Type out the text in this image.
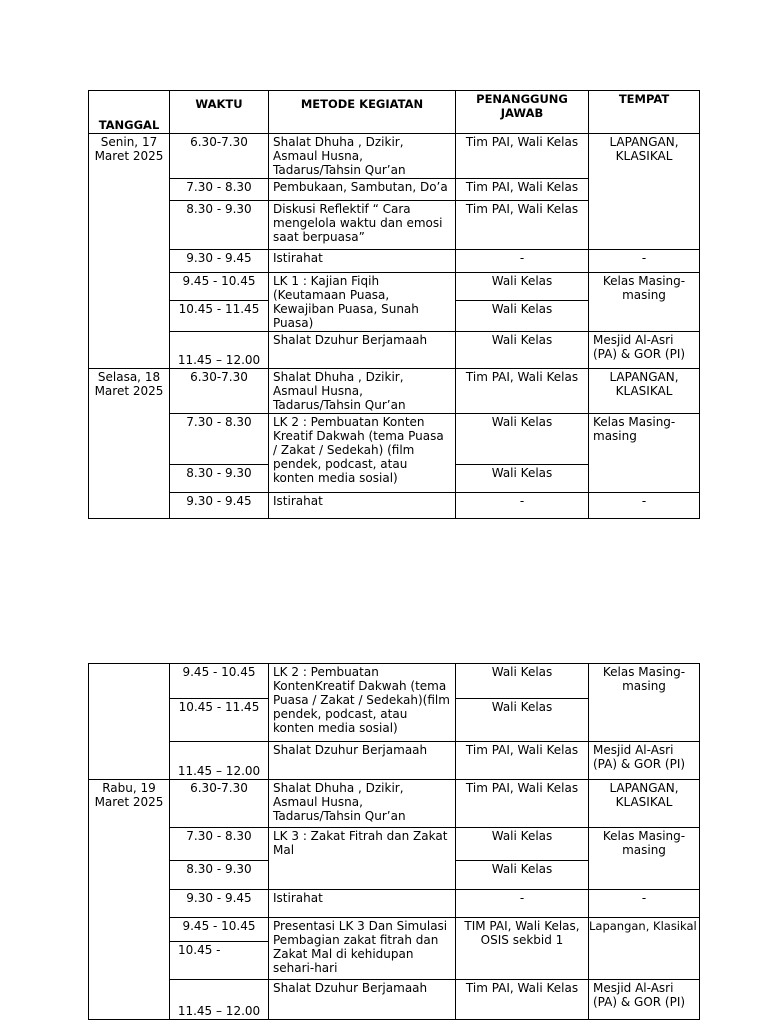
TANGGAL	WAKTU	METODE KEGIATAN	PENANGGUNG JAWAB	TEMPAT
Senin, 17 Maret 2025	6.30-7.30	Shalat Dhuha , Dzikir, Asmaul Husna, Tadarus/Tahsin Qur’an	Tim PAI, Wali Kelas	LAPANGAN, KLASIKAL
	7.30 - 8.30	Pembukaan, Sambutan, Do’a	Tim PAI, Wali Kelas	
	8.30 - 9.30	Diskusi Reflektif “ Cara mengelola waktu dan emosi saat berpuasa”	Tim PAI, Wali Kelas	
	9.30 - 9.45	Istirahat	-	-
	9.45 - 10.45	LK 1 : Kajian Fiqih (Keutamaan Puasa, Kewajiban Puasa, Sunah Puasa)	Wali Kelas	Kelas Masing-masing
	10.45 - 11.45		Wali Kelas	
	11.45 – 12.00	Shalat Dzuhur Berjamaah	Wali Kelas	Mesjid Al-Asri (PA) & GOR (PI)
Selasa, 18 Maret 2025	6.30-7.30	Shalat Dhuha , Dzikir, Asmaul Husna, Tadarus/Tahsin Qur’an	Tim PAI, Wali Kelas	LAPANGAN, KLASIKAL
	7.30 - 8.30	LK 2 : Pembuatan Konten Kreatif Dakwah (tema Puasa / Zakat / Sedekah) (film pendek, podcast, atau konten media sosial)	Wali Kelas	Kelas Masing-masing
	8.30 - 9.30		Wali Kelas	
	9.30 - 9.45	Istirahat	-	-
	9.45 - 10.45	LK 2 : Pembuatan KontenKreatif Dakwah (tema Puasa / Zakat / Sedekah)(film pendek, podcast, atau konten media sosial)	Wali Kelas	Kelas Masing-masing
	10.45 - 11.45		Wali Kelas	
	11.45 – 12.00	Shalat Dzuhur Berjamaah	Tim PAI, Wali Kelas	Mesjid Al-Asri (PA) & GOR (PI)
Rabu, 19 Maret 2025	6.30-7.30	Shalat Dhuha , Dzikir, Asmaul Husna, Tadarus/Tahsin Qur’an	Tim PAI, Wali Kelas	LAPANGAN, KLASIKAL
	7.30 - 8.30	LK 3 : Zakat Fitrah dan Zakat Mal	Wali Kelas	Kelas Masing-masing
	8.30 - 9.30		Wali Kelas	
	9.30 - 9.45	Istirahat	-	-
	9.45 - 10.45	Presentasi LK 3 Dan Simulasi Pembagian zakat fitrah dan Zakat Mal di kehidupan sehari-hari	TIM PAI, Wali Kelas, OSIS sekbid 1	Lapangan, Klasikal
	10.45 -			
	11.45 – 12.00	Shalat Dzuhur Berjamaah	Tim PAI, Wali Kelas	Mesjid Al-Asri (PA) & GOR (PI)
